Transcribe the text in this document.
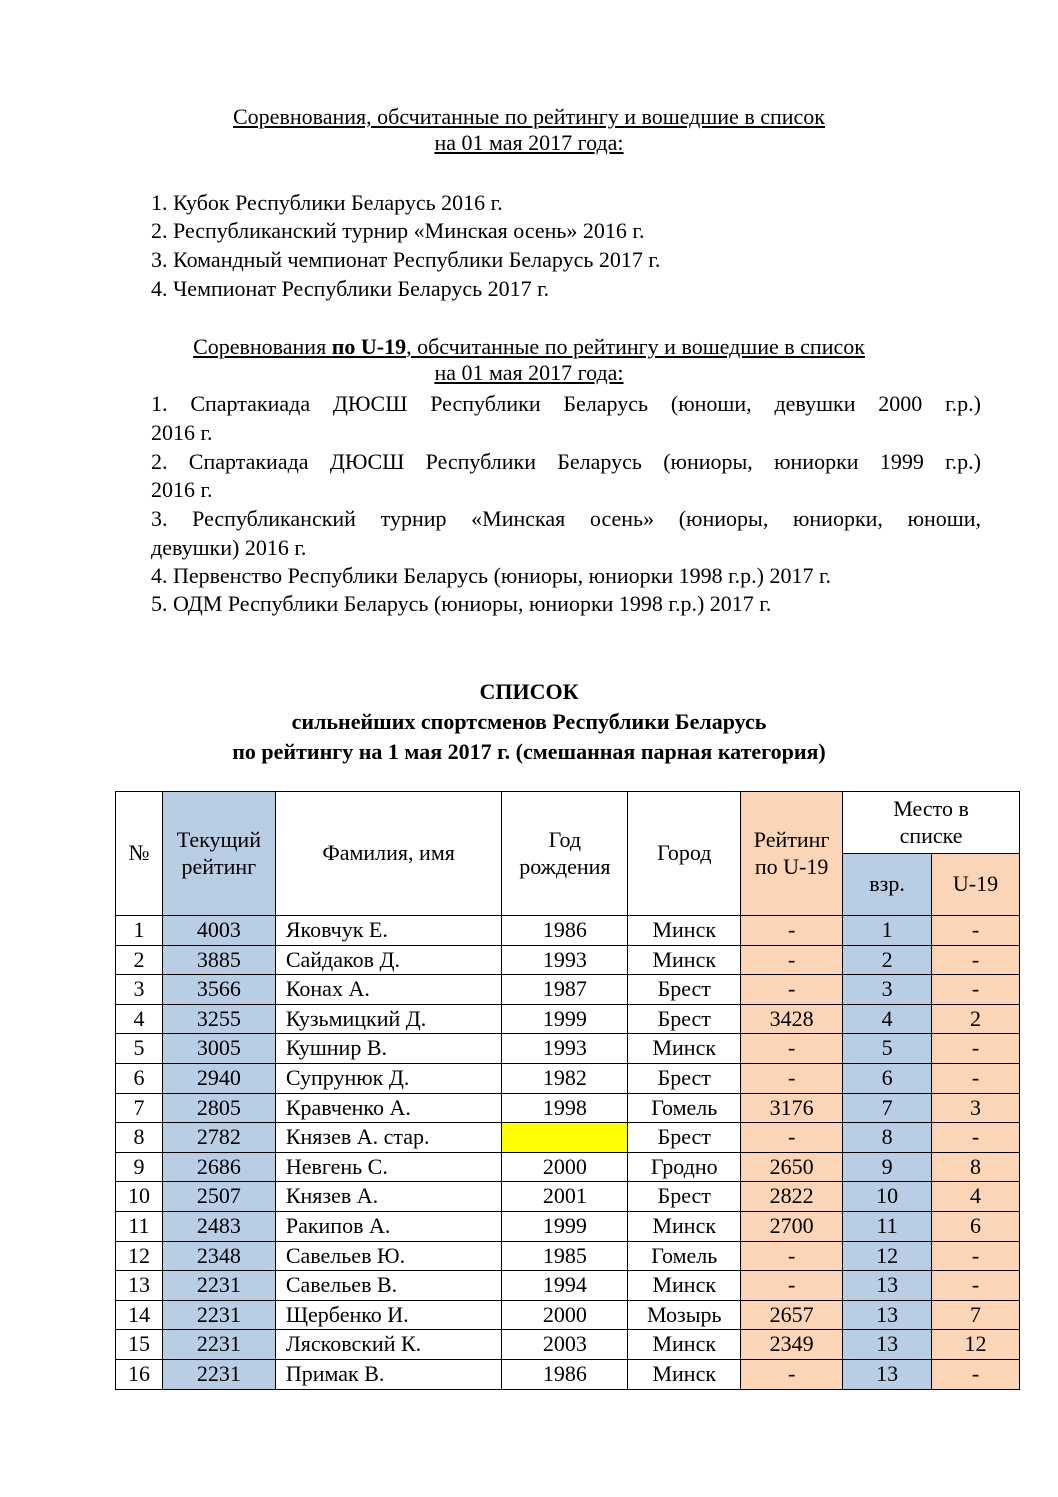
Соревнования, обсчитанные по рейтингу и вошедшие в список
на 01 мая 2017 года:
1. Кубок Республики Беларусь 2016 г.
2. Республиканский турнир «Минская осень» 2016 г.
3. Командный чемпионат Республики Беларусь 2017 г.
4. Чемпионат Республики Беларусь 2017 г.
Соревнования по U-19, обсчитанные по рейтингу и вошедшие в список
на 01 мая 2017 года:
1. Спартакиада ДЮСШ Республики Беларусь (юноши, девушки 2000 г.р.)
2016 г.
2. Спартакиада ДЮСШ Республики Беларусь (юниоры, юниорки 1999 г.р.)
2016 г.
3. Республиканский турнир «Минская осень» (юниоры, юниорки, юноши,
девушки) 2016 г.
4. Первенство Республики Беларусь (юниоры, юниорки 1998 г.р.) 2017 г.
5. ОДМ Республики Беларусь (юниоры, юниорки 1998 г.р.) 2017 г.
СПИСОК
сильнейших спортсменов Республики Беларусь
по рейтингу на 1 мая 2017 г. (смешанная парная категория)
№	Текущий рейтинг	Фамилия, имя	Год рождения	Город	Рейтинг по U-19	Место в списке	
						взр.	U-19
1	4003	Яковчук Е.	1986	Минск	-	1	-
2	3885	Сайдаков Д.	1993	Минск	-	2	-
3	3566	Конах А.	1987	Брест	-	3	-
4	3255	Кузьмицкий Д.	1999	Брест	3428	4	2
5	3005	Кушнир В.	1993	Минск	-	5	-
6	2940	Супрунюк Д.	1982	Брест	-	6	-
7	2805	Кравченко А.	1998	Гомель	3176	7	3
8	2782	Князев А. стар.		Брест	-	8	-
9	2686	Невгень С.	2000	Гродно	2650	9	8
10	2507	Князев А.	2001	Брест	2822	10	4
11	2483	Ракипов А.	1999	Минск	2700	11	6
12	2348	Савельев Ю.	1985	Гомель	-	12	-
13	2231	Савельев В.	1994	Минск	-	13	-
14	2231	Щербенко И.	2000	Мозырь	2657	13	7
15	2231	Лясковский К.	2003	Минск	2349	13	12
16	2231	Примак В.	1986	Минск	-	13	-
